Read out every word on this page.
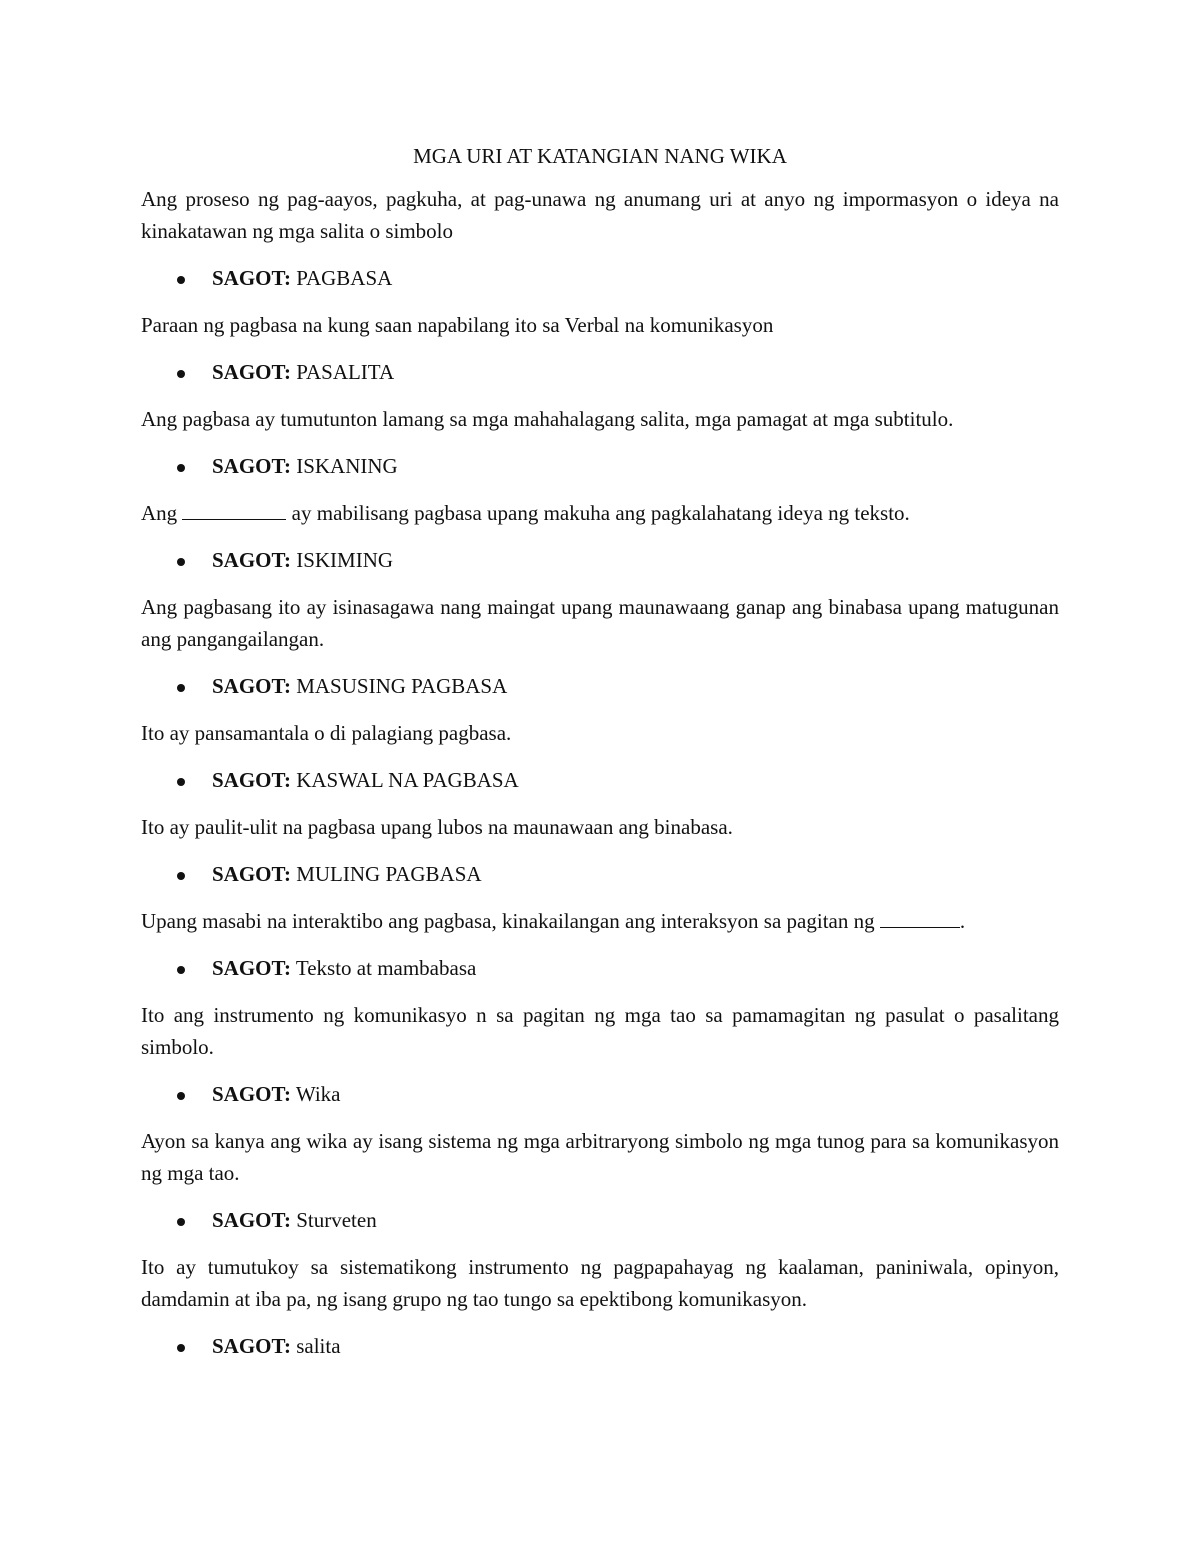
MGA URI AT KATANGIAN NANG WIKA

Ang proseso ng pag-aayos, pagkuha, at pag-unawa ng anumang uri at anyo ng impormasyon o ideya na kinakatawan ng mga salita o simbolo

SAGOT: PAGBASA

Paraan ng pagbasa na kung saan napabilang ito sa Verbal na komunikasyon

SAGOT: PASALITA

Ang pagbasa ay tumutunton lamang sa mga mahahalagang salita, mga pamagat at mga subtitulo.

SAGOT: ISKANING

Ang	ay mabilisang pagbasa upang makuha ang pagkalahatang ideya ng teksto.

SAGOT: ISKIMING

Ang pagbasang ito ay isinasagawa nang maingat upang maunawaang ganap ang binabasa upang matugunan ang pangangailangan.

SAGOT: MASUSING PAGBASA

Ito ay pansamantala o di palagiang pagbasa.

SAGOT: KASWAL NA PAGBASA

Ito ay paulit-ulit na pagbasa upang lubos na maunawaan ang binabasa.

SAGOT: MULING PAGBASA

Upang masabi na interaktibo ang pagbasa, kinakailangan ang interaksyon sa pagitan ng	.

SAGOT: Teksto at mambabasa

Ito ang instrumento ng komunikasyo n sa pagitan ng mga tao sa pamamagitan ng pasulat o pasalitang simbolo.

SAGOT: Wika

Ayon sa kanya ang wika ay isang sistema ng mga arbitraryong simbolo ng mga tunog para sa komunikasyon ng mga tao.

SAGOT: Sturveten

Ito ay tumutukoy sa sistematikong instrumento ng pagpapahayag ng kaalaman, paniniwala, opinyon, damdamin at iba pa, ng isang grupo ng tao tungo sa epektibong komunikasyon.

SAGOT: salita
